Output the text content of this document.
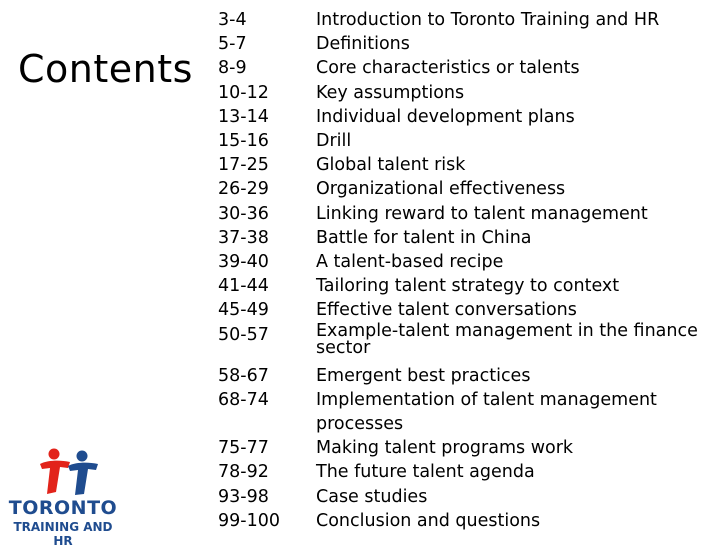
Contents
3-4	Introduction to Toronto Training and HR
5-7	Definitions
8-9	Core characteristics or talents
10-12	Key assumptions
13-14	Individual development plans
15-16	Drill
17-25	Global talent risk
26-29	Organizational effectiveness
30-36	Linking reward to talent management
37-38	Battle for talent in China
39-40	A talent-based recipe
41-44	Tailoring talent strategy to context
45-49	Effective talent conversations
50-57	Example-talent management in the finance sector
58-67	Emergent best practices
68-74	Implementation of talent management
processes
75-77	Making talent programs work
78-92	The future talent agenda
93-98	Case studies
99-100	Conclusion and questions
TORONTO
TRAINING AND HR
